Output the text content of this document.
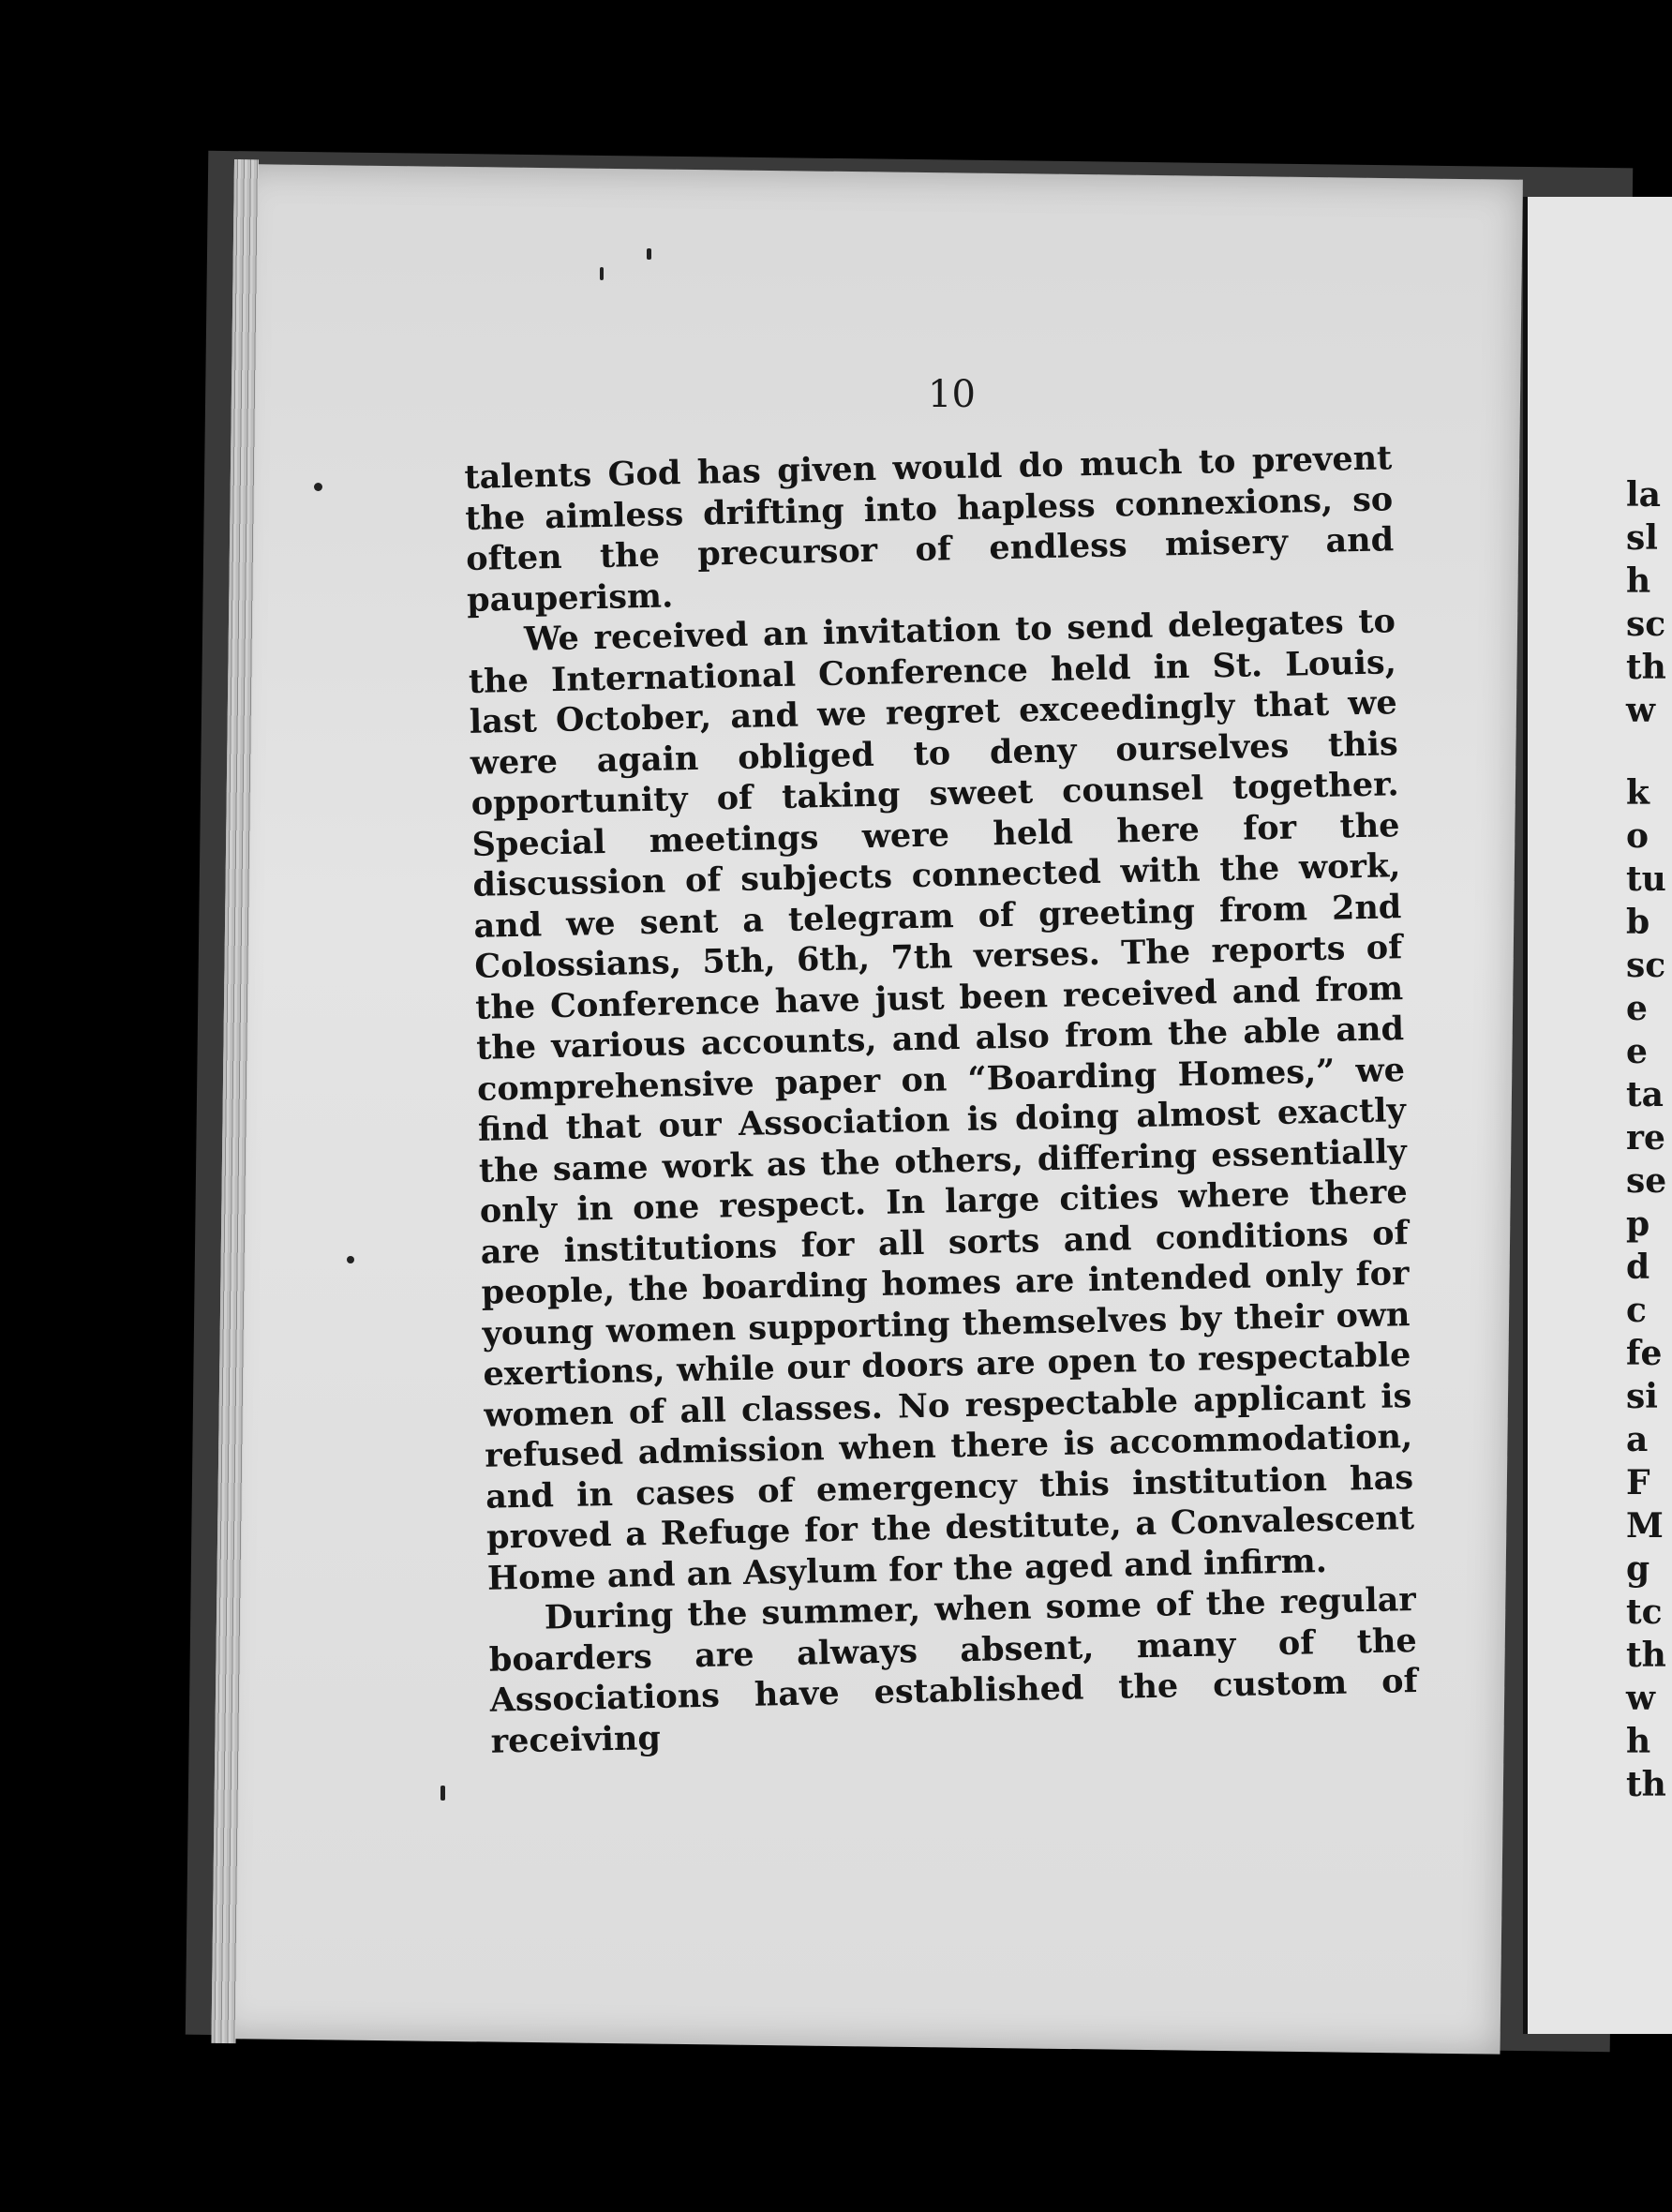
10

talents God has given would do much to prevent the aimless drifting into hapless connexions, so often the precursor of endless misery and pauperism.

We received an invitation to send delegates to the International Conference held in St. Louis, last October, and we regret exceedingly that we were again obliged to deny ourselves this opportunity of taking sweet counsel together. Special meetings were held here for the discussion of subjects connected with the work, and we sent a telegram of greeting from 2nd Colossians, 5th, 6th, 7th verses. The reports of the Conference have just been received and from the various accounts, and also from the able and comprehensive paper on “Boarding Homes,” we find that our Association is doing almost exactly the same work as the others, differing essentially only in one respect. In large cities where there are institutions for all sorts and conditions of people, the boarding homes are intended only for young women supporting themselves by their own exertions, while our doors are open to respectable women of all classes. No respectable applicant is refused admission when there is accommodation, and in cases of emergency this institution has proved a Refuge for the destitute, a Convalescent Home and an Asylum for the aged and infirm.

During the summer, when some of the regular boarders are always absent, many of the Associations have established the custom of receiving

la
sl
h
sc
th
w
k
o
tu
b
sc
e
e
ta
re
se
p
d
c
fe
si
a
F
M
g
tc
th
w
h
th
